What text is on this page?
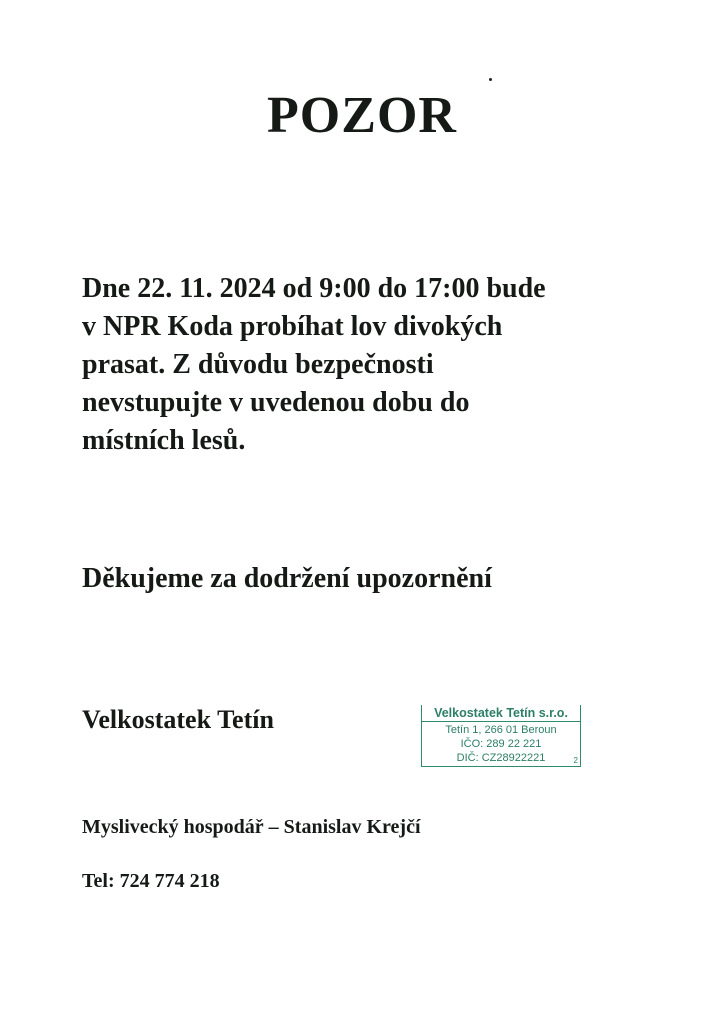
POZOR
Dne 22. 11. 2024 od 9:00 do 17:00 bude
v NPR Koda probíhat lov divokých
prasat. Z důvodu bezpečnosti
nevstupujte v uvedenou dobu do
místních lesů.

Děkujeme za dodržení upozornění

Velkostatek Tetín	Velkostatek Tetín s.r.o.
Tetín 1, 266 01 Beroun
IČO: 289 22 221
DIČ: CZ28922221	2

Myslivecký hospodář – Stanislav Krejčí

Tel: 724 774 218
